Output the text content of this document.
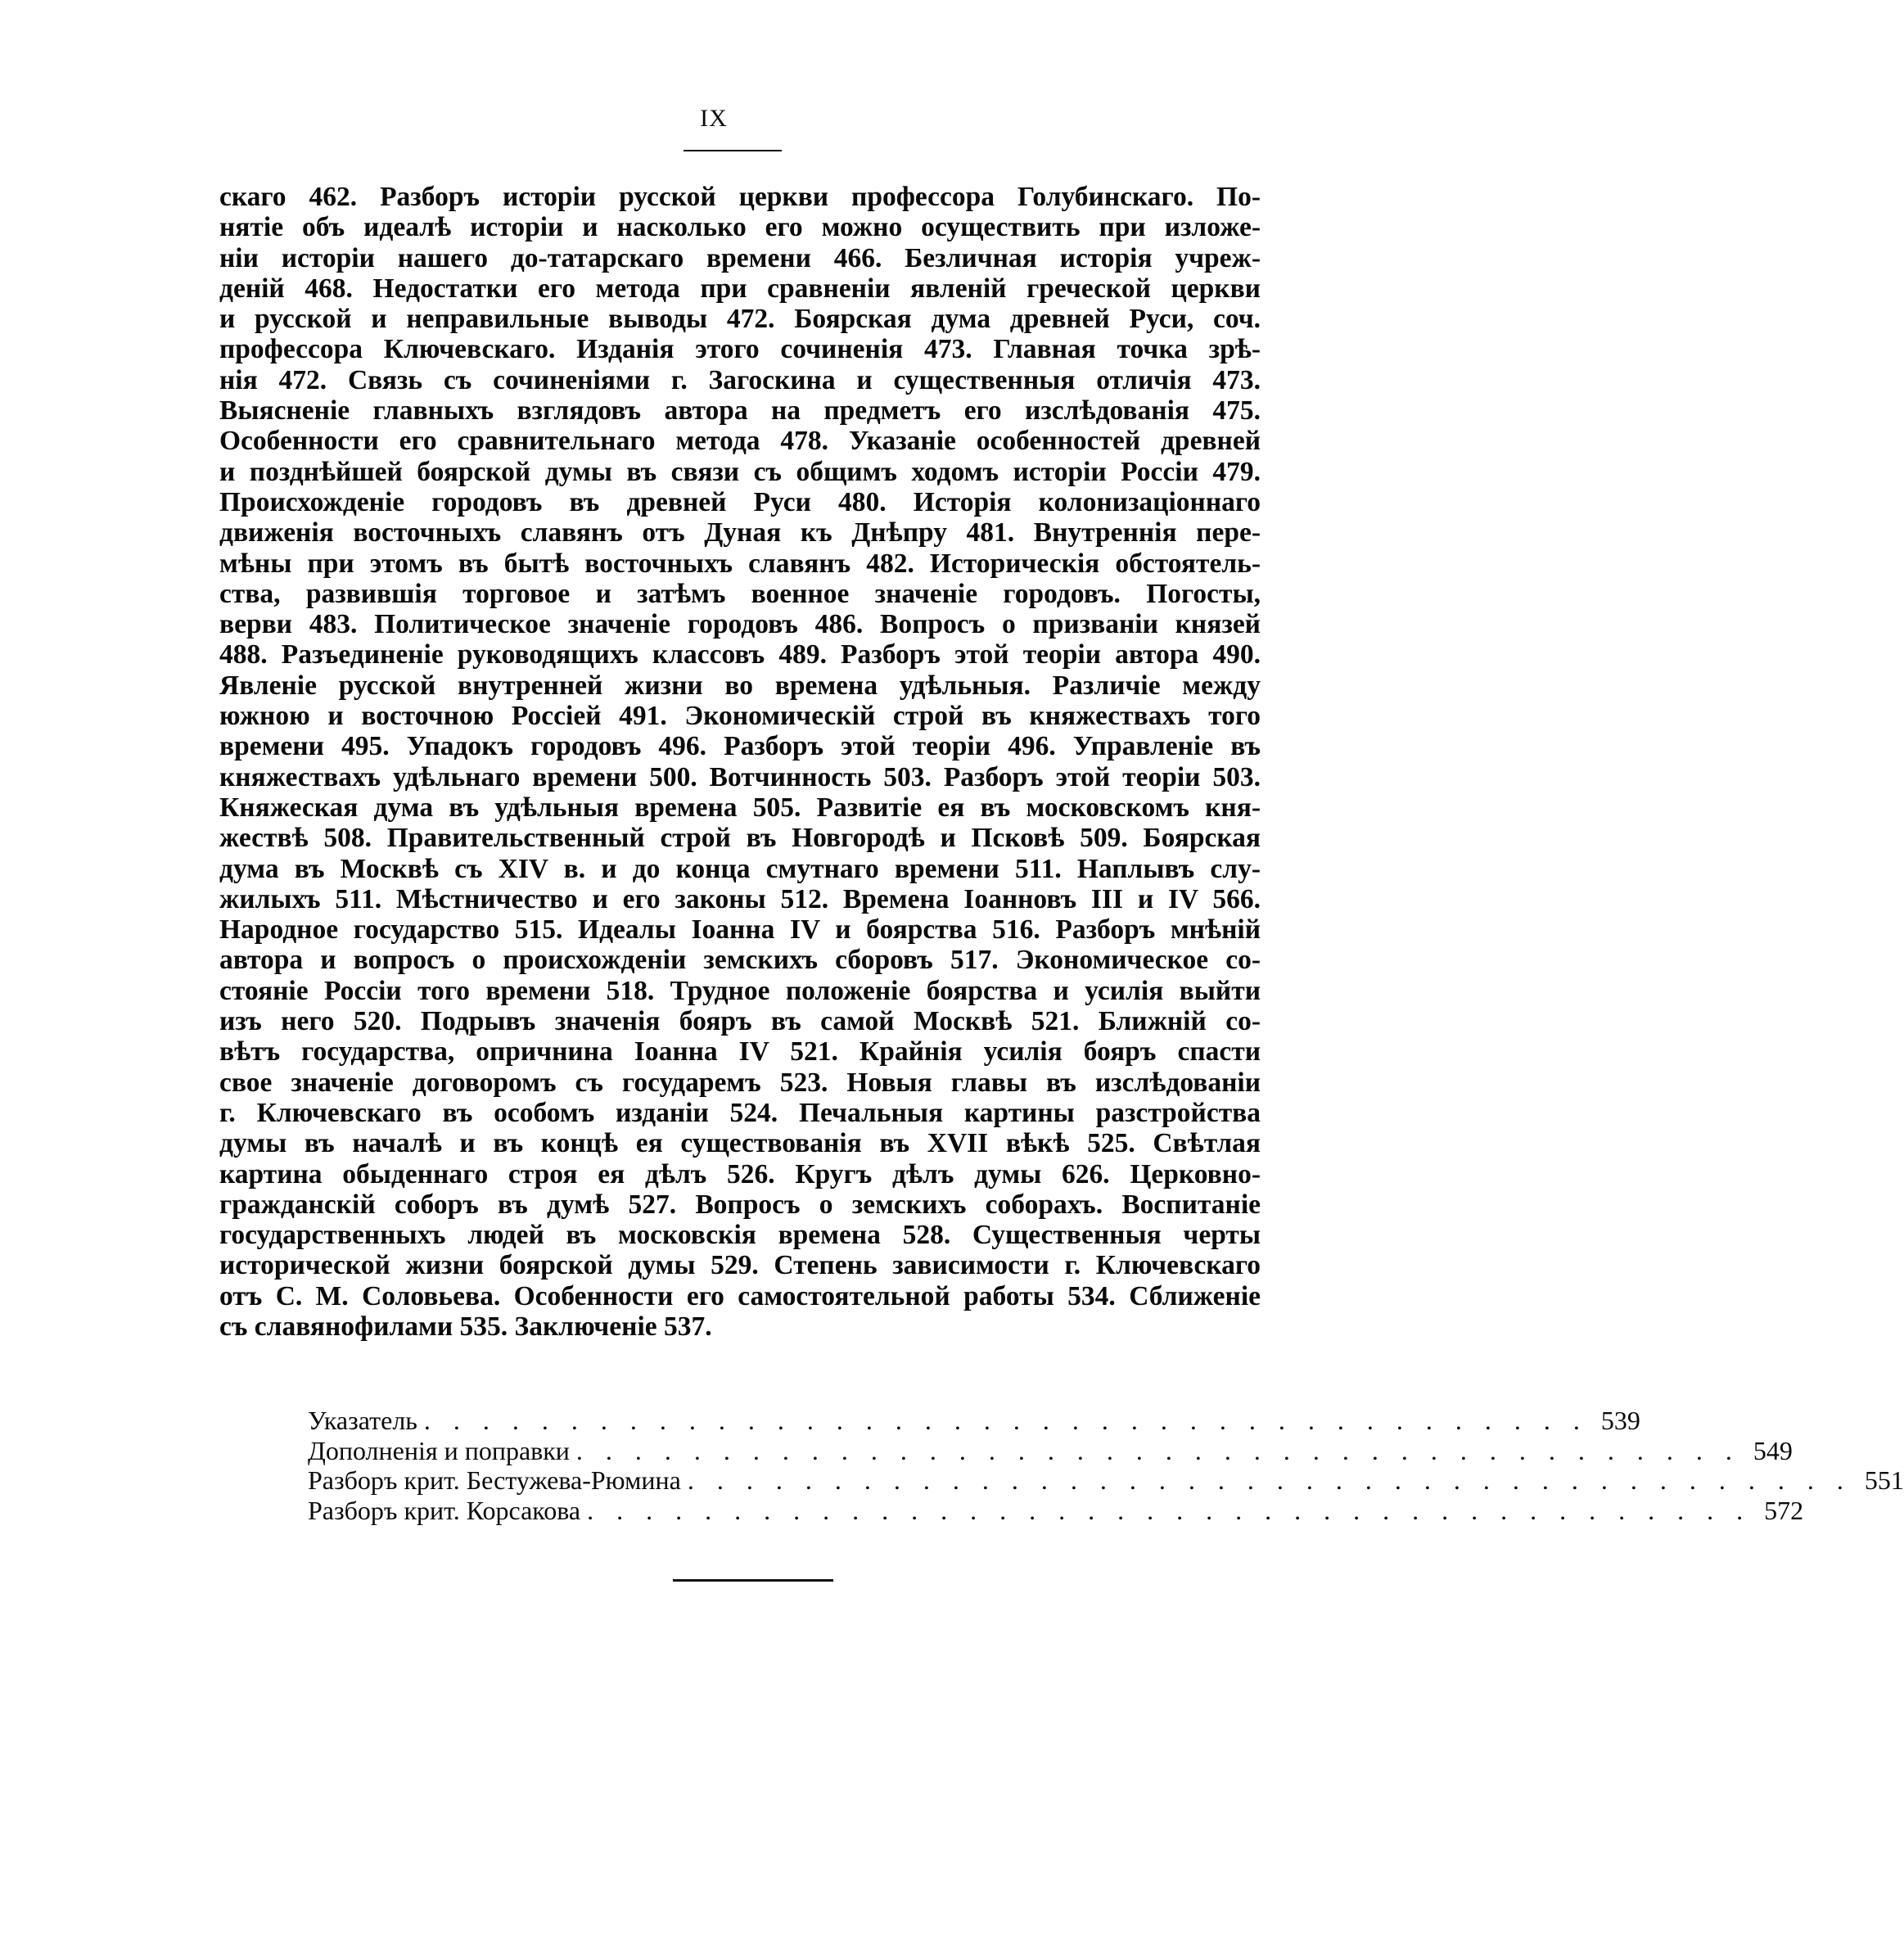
IX
скаго 462. Разборъ исторіи русской церкви профессора Голубинскаго. По-
нятіе объ идеалѣ исторіи и насколько его можно осуществить при изложе-
ніи исторіи нашего до-татарскаго времени 466. Безличная исторія учреж-
деній 468. Недостатки его метода при сравненіи явленій греческой церкви
и русской и неправильные выводы 472. Боярская дума древней Руси, соч.
профессора Ключевскаго. Изданія этого сочиненія 473. Главная точка зрѣ-
нія 472. Связь съ сочиненіями г. Загоскина и существенныя отличія 473.
Выясненіе главныхъ взглядовъ автора на предметъ его изслѣдованія 475.
Особенности его сравнительнаго метода 478. Указаніе особенностей древней
и позднѣйшей боярской думы въ связи съ общимъ ходомъ исторіи Россіи 479.
Происхожденіе городовъ въ древней Руси 480. Исторія колонизаціоннаго
движенія восточныхъ славянъ отъ Дуная къ Днѣпру 481. Внутреннія пере-
мѣны при этомъ въ бытѣ восточныхъ славянъ 482. Историческія обстоятель-
ства, развившія торговое и затѣмъ военное значеніе городовъ. Погосты,
верви 483. Политическое значеніе городовъ 486. Вопросъ о призваніи князей
488. Разъединеніе руководящихъ классовъ 489. Разборъ этой теоріи автора 490.
Явленіе русской внутренней жизни во времена удѣльныя. Различіе между
южною и восточною Россіей 491. Экономическій строй въ княжествахъ того
времени 495. Упадокъ городовъ 496. Разборъ этой теоріи 496. Управленіе въ
княжествахъ удѣльнаго времени 500. Вотчинность 503. Разборъ этой теоріи 503.
Княжеская дума въ удѣльныя времена 505. Развитіе ея въ московскомъ кня-
жествѣ 508. Правительственный строй въ Новгородѣ и Псковѣ 509. Боярская
дума въ Москвѣ съ XIV в. и до конца смутнаго времени 511. Наплывъ слу-
жилыхъ 511. Мѣстничество и его законы 512. Времена Іоанновъ III и IV 566.
Народное государство 515. Идеалы Іоанна IV и боярства 516. Разборъ мнѣній
автора и вопросъ о происхожденіи земскихъ сборовъ 517. Экономическое со-
стояніе Россіи того времени 518. Трудное положеніе боярства и усилія выйти
изъ него 520. Подрывъ значенія бояръ въ самой Москвѣ 521. Ближній со-
вѣтъ государства, опричнина Іоанна IV 521. Крайнія усилія бояръ спасти
свое значеніе договоромъ съ государемъ 523. Новыя главы въ изслѣдованіи
г. Ключевскаго въ особомъ изданіи 524. Печальныя картины разстройства
думы въ началѣ и въ концѣ ея существованія въ XVII вѣкѣ 525. Свѣтлая
картина обыденнаго строя ея дѣлъ 526. Кругъ дѣлъ думы 626. Церковно-
гражданскій соборъ въ думѣ 527. Вопросъ о земскихъ соборахъ. Воспитаніе
государственныхъ людей въ московскія времена 528. Существенныя черты
исторической жизни боярской думы 529. Степень зависимости г. Ключевскаго
отъ С. М. Соловьева. Особенности его самостоятельной работы 534. Сближеніе
съ славянофилами 535. Заключеніе 537.
Указатель . . . . . . . . . . . . . . . . . . . . . . . . . . . . . . . . . . . . . . . . 539
Дополненія и поправки . . . . . . . . . . . . . . . . . . . . . . . . . . . . . . . . . . . . . . . . 549
Разборъ крит. Бестужева-Рюмина . . . . . . . . . . . . . . . . . . . . . . . . . . . . . . . . . . . . . . . . 551
Разборъ крит. Корсакова . . . . . . . . . . . . . . . . . . . . . . . . . . . . . . . . . . . . . . . . 572
